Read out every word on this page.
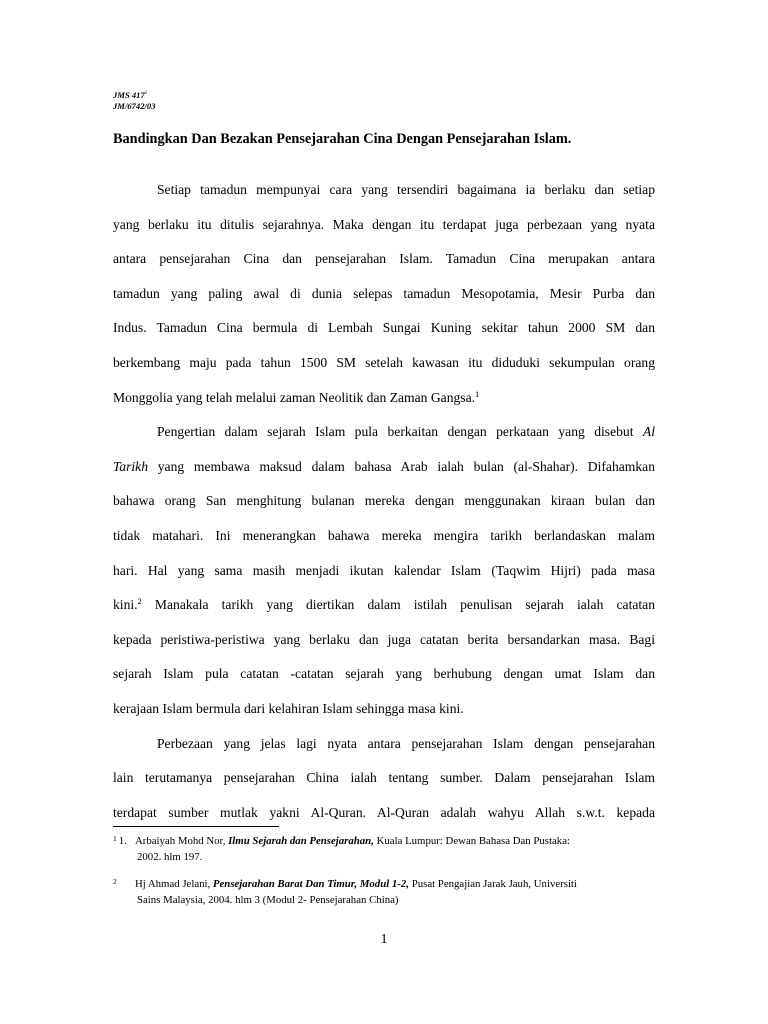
JMS $417^1$
JM/6742/03
Bandingkan Dan Bezakan Pensejarahan Cina Dengan Pensejarahan Islam.
Setiap tamadun mempunyai cara yang tersendiri bagaimana ia berlaku dan setiap
yang berlaku itu ditulis sejarahnya. Maka dengan itu terdapat juga perbezaan yang nyata
antara pensejarahan Cina dan pensejarahan Islam. Tamadun Cina merupakan antara
tamadun yang paling awal di dunia selepas tamadun Mesopotamia, Mesir Purba dan
Indus. Tamadun Cina bermula di Lembah Sungai Kuning sekitar tahun 2000 SM dan
berkembang maju pada tahun 1500 SM setelah kawasan itu diduduki sekumpulan orang
Monggolia yang telah melalui zaman Neolitik dan Zaman Gangsa.$^1$
Pengertian dalam sejarah Islam pula berkaitan dengan perkataan yang disebut Al
Tarikh yang membawa maksud dalam bahasa Arab ialah bulan (al-Shahar). Difahamkan
bahawa orang San menghitung bulanan mereka dengan menggunakan kiraan bulan dan
tidak matahari. Ini menerangkan bahawa mereka mengira tarikh berlandaskan malam
hari. Hal yang sama masih menjadi ikutan kalendar Islam (Taqwim Hijri) pada masa
kini.$^2$ Manakala tarikh yang diertikan dalam istilah penulisan sejarah ialah catatan
kepada peristiwa-peristiwa yang berlaku dan juga catatan berita bersandarkan masa. Bagi
sejarah Islam pula catatan -catatan sejarah yang berhubung dengan umat Islam dan
kerajaan Islam bermula dari kelahiran Islam sehingga masa kini.
Perbezaan yang jelas lagi nyata antara pensejarahan Islam dengan pensejarahan
lain terutamanya pensejarahan China ialah tentang sumber. Dalam pensejarahan Islam
terdapat sumber mutlak yakni Al-Quran. Al-Quran adalah wahyu Allah s.w.t. kepada
$^1$ 1. Arbaiyah Mohd Nor, Ilmu Sejarah dan Pensejarahan, Kuala Lumpur: Dewan Bahasa Dan Pustaka:
2002. hlm 197.
$^2$ Hj Ahmad Jelani, Pensejarahan Barat Dan Timur, Modul 1-2, Pusat Pengajian Jarak Jauh, Universiti
Sains Malaysia, 2004. hlm 3 (Modul 2- Pensejarahan China)
1
